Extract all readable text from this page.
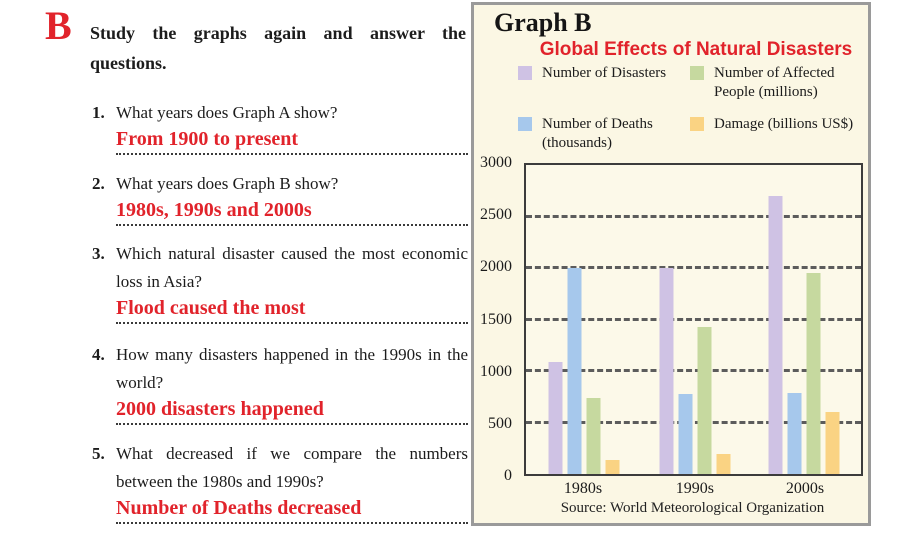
B Study the graphs again and answer the questions.
1. What years does Graph A show?
From 1900 to present
2. What years does Graph B show?
1980s, 1990s and 2000s
3. Which natural disaster caused the most economic loss in Asia?
Flood caused the most
4. How many disasters happened in the 1990s in the world?
2000 disasters happened
5. What decreased if we compare the numbers between the 1980s and 1990s?
Number of Deaths decreased
Graph B
Global Effects of Natural Disasters
Number of Disasters	Number of Affected People (millions)
Number of Deaths (thousands)
Damage (billions US$)
0
500
1000
1500
2000
2500
3000
1980s	1990s	2000s
Source: World Meteorological Organization
